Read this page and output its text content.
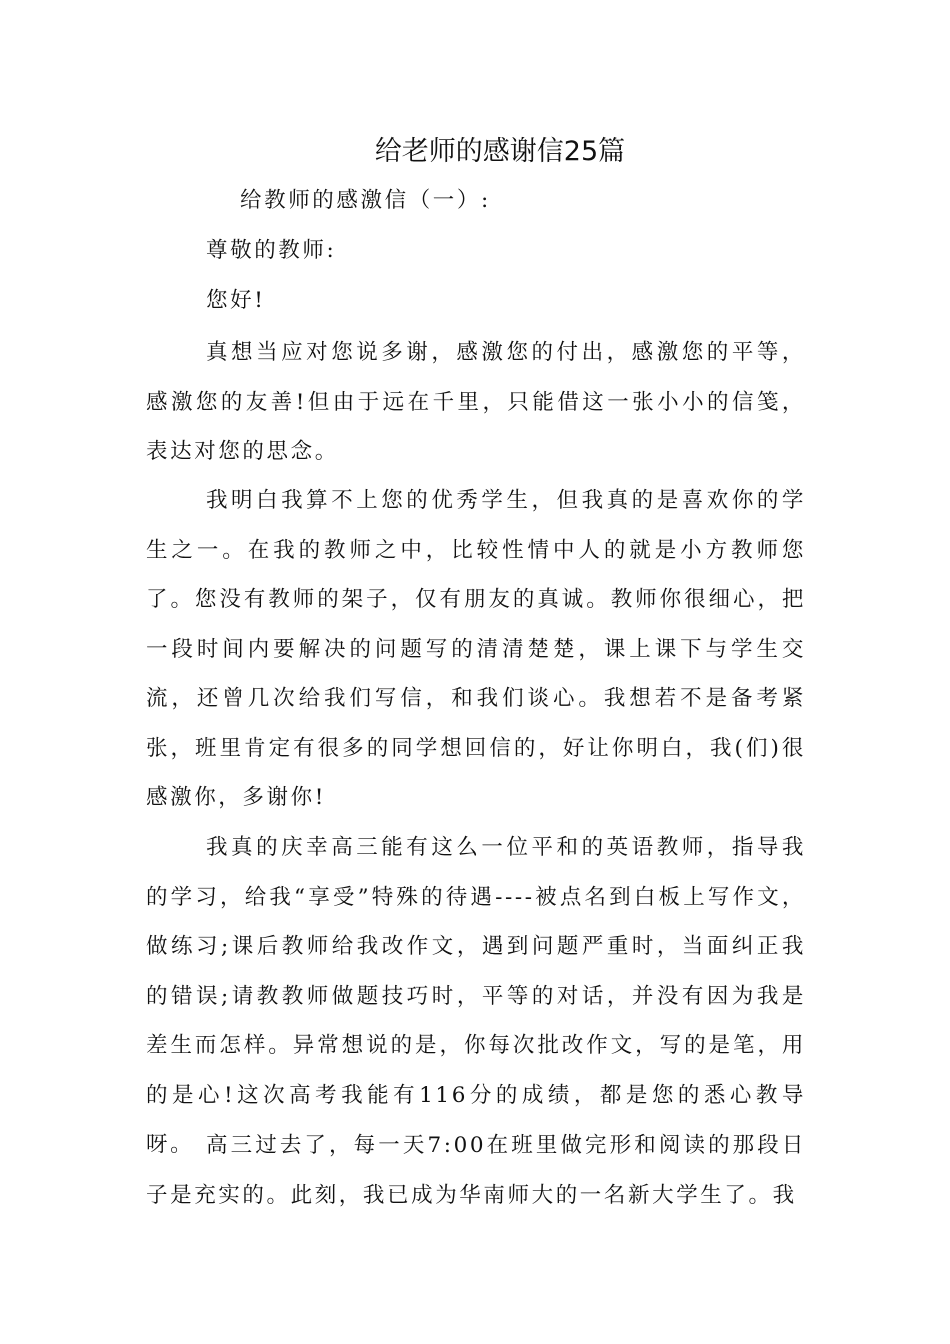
给老师的感谢信25篇

给教师的感激信（一）:

尊敬的教师:

您好!

真想当应对您说多谢，感激您的付出，感激您的平等，感激您的友善!但由于远在千里，只能借这一张小小的信笺，表达对您的思念。

我明白我算不上您的优秀学生，但我真的是喜欢你的学生之一。在我的教师之中，比较性情中人的就是小方教师您了。您没有教师的架子，仅有朋友的真诚。教师你很细心，把一段时间内要解决的问题写的清清楚楚，课上课下与学生交流，还曾几次给我们写信，和我们谈心。我想若不是备考紧张，班里肯定有很多的同学想回信的，好让你明白，我(们)很感激你，多谢你!

我真的庆幸高三能有这么一位平和的英语教师，指导我的学习，给我“享受”特殊的待遇----被点名到白板上写作文，做练习;课后教师给我改作文，遇到问题严重时，当面纠正我的错误;请教教师做题技巧时，平等的对话，并没有因为我是差生而怎样。异常想说的是，你每次批改作文，写的是笔，用的是心!这次高考我能有116分的成绩，都是您的悉心教导呀。 高三过去了，每一天7:00在班里做完形和阅读的那段日子是充实的。此刻，我已成为华南师大的一名新大学生了。我
